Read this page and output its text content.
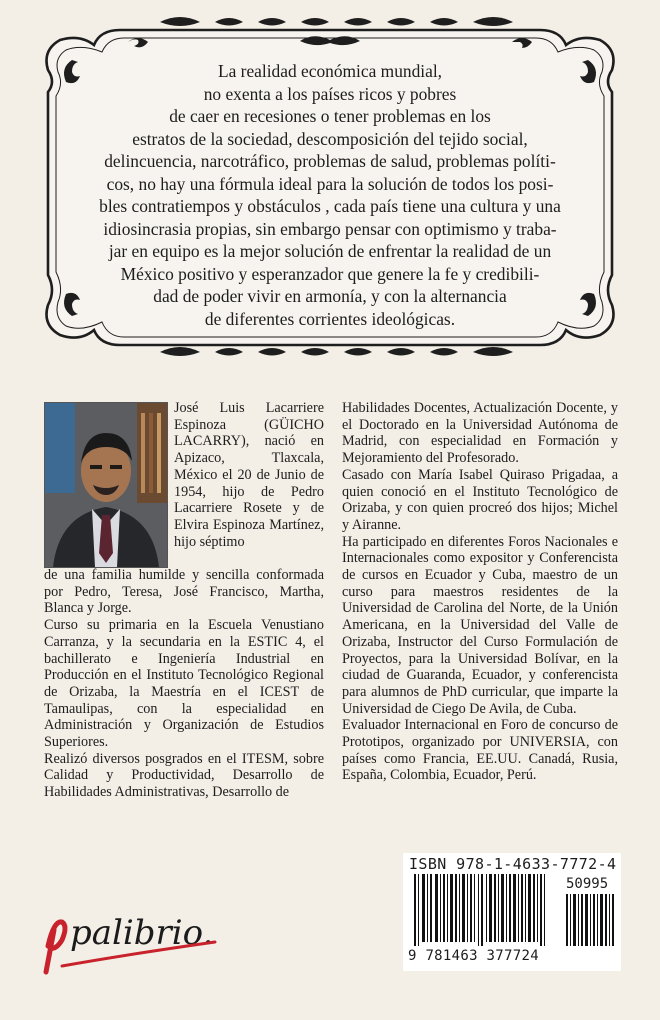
La realidad económica mundial,
no exenta a los países ricos y pobres
de caer en recesiones o tener problemas en los
estratos de la sociedad, descomposición del tejido social,
delincuencia, narcotráfico, problemas de salud, problemas políti-
cos, no hay una fórmula ideal para la solución de todos los posi-
bles contratiempos y obstáculos , cada país tiene una cultura y una
idiosincrasia propias, sin embargo pensar con optimismo y traba-
jar en equipo es la mejor solución de enfrentar la realidad de un
México positivo y esperanzador que genere la fe y credibili-
dad de poder vivir en armonía, y con la alternancia
de diferentes corrientes ideológicas.

José Luis Lacarriere Espinoza (GÜICHO LACARRY), nació en Apizaco, Tlaxcala, México el 20 de Junio de 1954, hijo de Pedro Lacarriere Rosete y de Elvira Espinoza Martínez, hijo séptimo

de una familia humilde y sencilla conformada por Pedro, Teresa, José Francisco, Martha, Blanca y Jorge.

Curso su primaria en la Escuela Venustiano Carranza, y la secundaria en la ESTIC 4, el bachillerato e Ingeniería Industrial en Producción en el Instituto Tecnológico Regional de Orizaba, la Maestría en el ICEST de Tamaulipas, con la especialidad en Administración y Organización de Estudios Superiores.

Realizó diversos posgrados en el ITESM, sobre Calidad y Productividad, Desarrollo de Habilidades Administrativas, Desarrollo de

Habilidades Docentes, Actualización Docente, y el Doctorado en la Universidad Autónoma de Madrid, con especialidad en Formación y Mejoramiento del Profesorado.

Casado con María Isabel Quiraso Prigadaa, a quien conoció en el Instituto Tecnológico de Orizaba, y con quien procreó dos hijos; Michel y Airanne.

Ha participado en diferentes Foros Nacionales e Internacionales como expositor y Conferencista de cursos en Ecuador y Cuba, maestro de un curso para maestros residentes de la Universidad de Carolina del Norte, de la Unión Americana, en la Universidad del Valle de Orizaba, Instructor del Curso Formulación de Proyectos, para la Universidad Bolívar, en la ciudad de Guaranda, Ecuador, y conferencista para alumnos de PhD curricular, que imparte la Universidad de Ciego De Avila, de Cuba.

Evaluador Internacional en Foro de concurso de Prototipos, organizado por UNIVERSIA, con países como Francia, EE.UU. Canadá, Rusia, España, Colombia, Ecuador, Perú.

ISBN 978-1-4633-7772-4
50995
9 781463 377724
palibrio.
